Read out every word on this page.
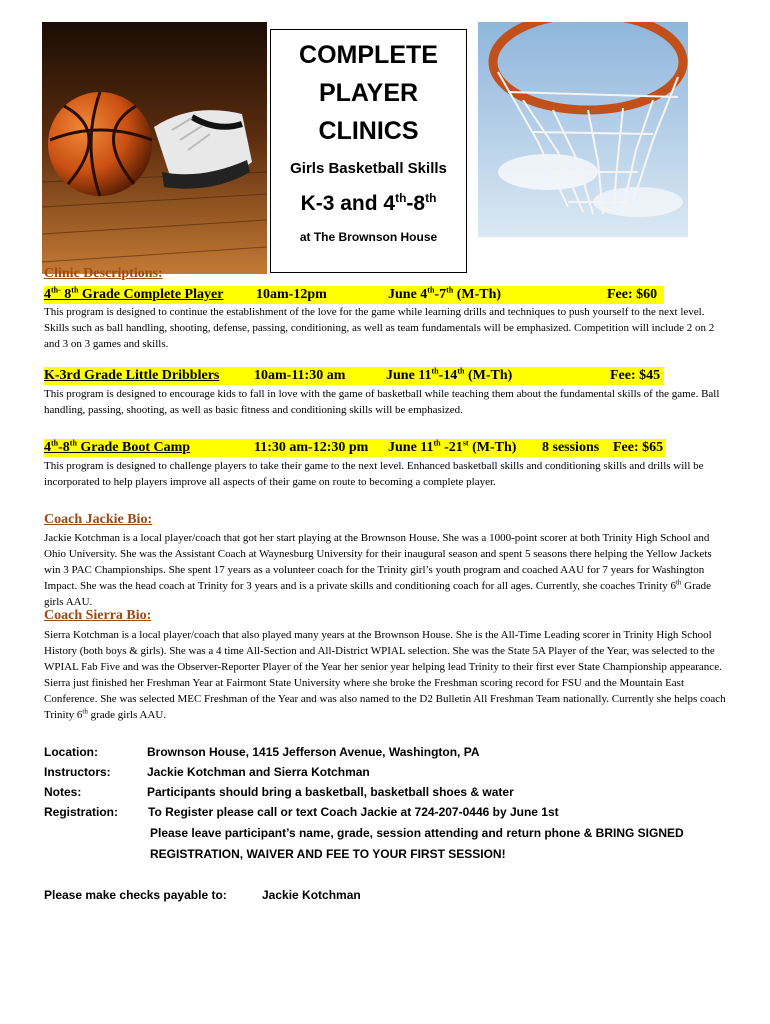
COMPLETE
PLAYER
CLINICS
Girls Basketball Skills
K-3 and 4th-8th
at The Brownson House
Clinic Descriptions:
$4^{th-}$ 8th Grade Complete Player 10am-12pm	June 4th-7th (M-Th)	Fee: $60
This program is designed to continue the establishment of the love for the game while learning drills and techniques to push yourself to the next level. Skills such as ball handling, shooting, defense, passing, conditioning, as well as team fundamentals will be emphasized. Competition will include 2 on 2 and 3 on 3 games and skills.
K-3rd Grade Little Dribblers 10am-11:30 am	June 11th-14th (M-Th)	Fee: $45
This program is designed to encourage kids to fall in love with the game of basketball while teaching them about the fundamental skills of the game. Ball handling, passing, shooting, as well as basic fitness and conditioning skills will be emphasized.
4th-8th Grade Boot Camp	11:30 am-12:30 pm June 11th -21st (M-Th) 8 sessions Fee: $65
This program is designed to challenge players to take their game to the next level. Enhanced basketball skills and conditioning skills and drills will be incorporated to help players improve all aspects of their game on route to becoming a complete player.
Coach Jackie Bio:
Jackie Kotchman is a local player/coach that got her start playing at the Brownson House. She was a 1000-point scorer at both Trinity High School and Ohio University. She was the Assistant Coach at Waynesburg University for their inaugural season and spent 5 seasons there helping the Yellow Jackets win 3 PAC Championships. She spent 17 years as a volunteer coach for the Trinity girl’s youth program and coached AAU for 7 years for Washington Impact. She was the head coach at Trinity for 3 years and is a private skills and conditioning coach for all ages. Currently, she coaches Trinity 6th Grade girls AAU.
Coach Sierra Bio:
Sierra Kotchman is a local player/coach that also played many years at the Brownson House. She is the All-Time Leading scorer in Trinity High School History (both boys & girls). She was a 4 time All-Section and All-District WPIAL selection. She was the State 5A Player of the Year, was selected to the WPIAL Fab Five and was the Observer-Reporter Player of the Year her senior year helping lead Trinity to their first ever State Championship appearance. Sierra just finished her Freshman Year at Fairmont State University where she broke the Freshman scoring record for FSU and the Mountain East Conference. She was selected MEC Freshman of the Year and was also named to the D2 Bulletin All Freshman Team nationally. Currently she helps coach Trinity 6th grade girls AAU.
Location:	Brownson House, 1415 Jefferson Avenue, Washington, PA
Instructors:	Jackie Kotchman and Sierra Kotchman
Notes:	Participants should bring a basketball, basketball shoes & water
Registration: To Register please call or text Coach Jackie at 724-207-0446 by June 1st
Please leave participant’s name, grade, session attending and return phone & BRING SIGNED
REGISTRATION, WAIVER AND FEE TO YOUR FIRST SESSION!
Please make checks payable to:	Jackie Kotchman
